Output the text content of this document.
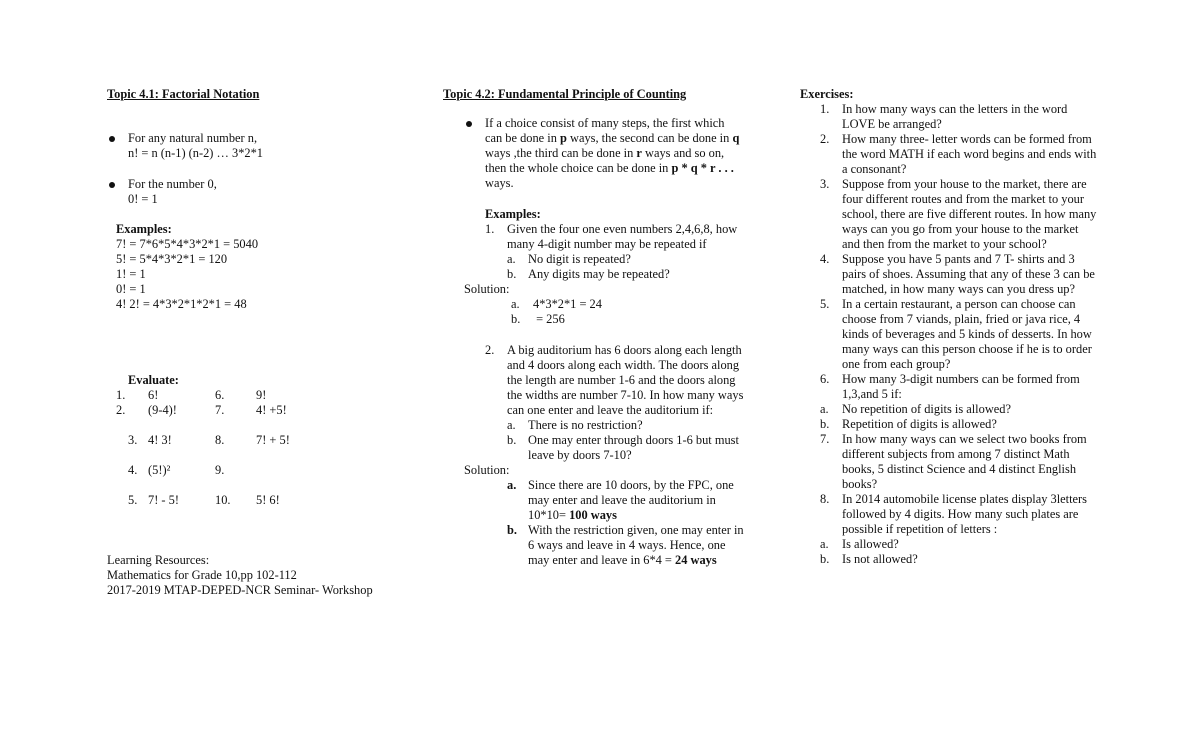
Topic 4.1: Factorial Notation
For any natural number n,
n! = n (n-1) (n-2) … 3*2*1
For the number 0,
0! = 1
Examples:
7! = 7*6*5*4*3*2*1 = 5040
5! = 5*4*3*2*1 = 120
1! = 1
0! = 1
4! 2! = 4*3*2*1*2*1 = 48
Evaluate:
1. 6!	6.	9!
2. (9-4)!	7.	4! +5!
3. 4! 3!	8.	7! + 5!
4. (5!)²	9.
5. 7! - 5!	10. 5! 6!
Learning Resources:
Mathematics for Grade 10,pp 102-112
2017-2019 MTAP-DEPED-NCR Seminar- Workshop
Topic 4.2: Fundamental Principle of Counting
If a choice consist of many steps, the first which
can be done in p ways, the second can be done in q
ways ,the third can be done in r ways and so on,
then the whole choice can be done in p * q * r . . .
ways.
Examples:
1. Given the four one even numbers 2,4,6,8, how
many 4-digit number may be repeated if
a. No digit is repeated?
b. Any digits may be repeated?
Solution:
a. 4*3*2*1 = 24
b. = 256
2. A big auditorium has 6 doors along each length
and 4 doors along each width. The doors along
the length are number 1-6 and the doors along
the widths are number 7-10. In how many ways
can one enter and leave the auditorium if:
a. There is no restriction?
b. One may enter through doors 1-6 but must
leave by doors 7-10?
Solution:
a. Since there are 10 doors, by the FPC, one
may enter and leave the auditorium in
10*10= 100 ways
b. With the restriction given, one may enter in
6 ways and leave in 4 ways. Hence, one
may enter and leave in 6*4 = 24 ways
Exercises:
1. In how many ways can the letters in the word
LOVE be arranged?
2. How many three- letter words can be formed from
the word MATH if each word begins and ends with
a consonant?
3. Suppose from your house to the market, there are
four different routes and from the market to your
school, there are five different routes. In how many
ways can you go from your house to the market
and then from the market to your school?
4. Suppose you have 5 pants and 7 T- shirts and 3
pairs of shoes. Assuming that any of these 3 can be
matched, in how many ways can you dress up?
5. In a certain restaurant, a person can choose can
choose from 7 viands, plain, fried or java rice, 4
kinds of beverages and 5 kinds of desserts. In how
many ways can this person choose if he is to order
one from each group?
6. How many 3-digit numbers can be formed from
1,3,and 5 if:
a. No repetition of digits is allowed?
b. Repetition of digits is allowed?
7. In how many ways can we select two books from
different subjects from among 7 distinct Math
books, 5 distinct Science and 4 distinct English
books?
8. In 2014 automobile license plates display 3letters
followed by 4 digits. How many such plates are
possible if repetition of letters :
a. Is allowed?
b. Is not allowed?
